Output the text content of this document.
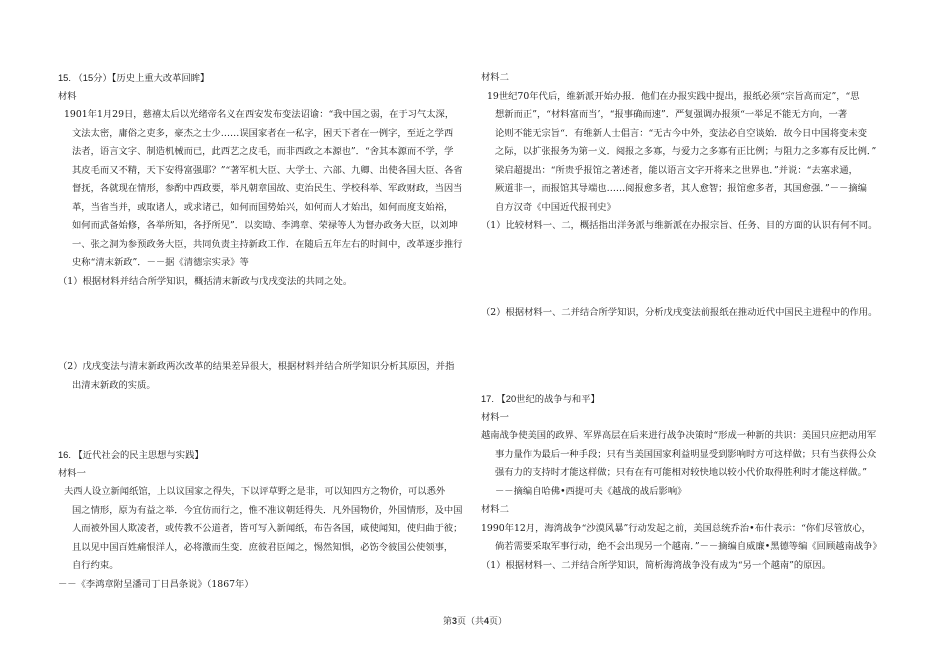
15. （15分）【历史上重大改革回眸】
材料
1901年1月29日，慈禧太后以光绪帝名义在西安发布变法诏谕：“我中国之弱，在于习气太深，
文法太密，庸俗之吏多，豪杰之士少……误国家者在一私字，困天下者在一例字，至近之学西
法者，语言文字、制造机械而已，此西艺之皮毛，而非西政之本源也”．“舍其本源而不学，学
其皮毛而又不精，天下安得富强耶？”“著军机大臣、大学士、六部、九卿、出使各国大臣、各省
督抚，各就现在情形，参酌中西政要，举凡朝章国故、吏治民生、学校科举、军政财政，当因当
革，当省当并，或取诸人，或求诸己，如何而国势始兴，如何而人才始出，如何而度支始裕，
如何而武备始修，各举所知，各抒所见”．以奕劻、李鸿章、荣禄等人为督办政务大臣，以刘坤
一、张之洞为参预政务大臣，共同负责主持新政工作．在随后五年左右的时间中，改革逐步推行
史称“清末新政”．－－据《清德宗实录》等
（1）根据材料并结合所学知识，概括清末新政与戊戌变法的共同之处。
（2）戊戌变法与清末新政两次改革的结果差异很大，根据材料并结合所学知识分析其原因，并指
出清末新政的实质。
16. 【近代社会的民主思想与实践】
材料一
夫西人设立新闻纸馆，上以议国家之得失，下以评草野之是非，可以知四方之物价，可以悉外
国之情形，原为有益之举．今宜仿而行之，惟不准议朝廷得失．凡外国物价，外国情形，及中国
人而被外国人欺凌者，或传教不公道者，皆可写入新闻纸，布告各国，咸使闻知，使归曲于彼；
且以见中国百姓痛恨洋人，必将激而生变．庶彼君臣闻之，惕然知惧，必饬令彼国公使领事，
自行约束。
－－《李鸿章附呈潘司丁日昌条说》（1867年）
材料二
19世纪70年代后，维新派开始办报．他们在办报实践中提出，报纸必须“宗旨高而定”，“思
想新而正”，“材料富而当’，“报事确而速”．严复强调办报须“一举足不能无方向，一著
论则不能无宗旨“．有维新人士倡言：“无古今中外，变法必自空谈始．故今日中国将变未变
之际，以扩张报务为第一义．阅报之多寡，与爱力之多寡有正比例；与阻力之多寡有反比例．”
梁启超提出：“所贵乎报馆之著述者，能以语言文字开将来之世界也．”并说：“去塞求通，
厥道非一，而报馆其导端也……阅报愈多者，其人愈智；报馆愈多者，其国愈强．”－－摘编
自方汉奇《中国近代报刊史》
（1）比较材料一、二，概括指出洋务派与维新派在办报宗旨、任务、目的方面的认识有何不同。
（2）根据材料一、二并结合所学知识，分析戊戌变法前报纸在推动近代中国民主进程中的作用。
17. 【20世纪的战争与和平】
材料一
越南战争使美国的政界、军界高层在后来进行战争决策时“形成一种新的共识：美国只应把动用军
事力量作为最后一种手段；只有当美国国家利益明显受到影响时方可这样做；只有当获得公众
强有力的支持时才能这样做；只有在有可能相对较快地以较小代价取得胜利时才能这样做。”
－－摘编自哈佛•西提可夫《越战的战后影响》
材料二
1990年12月，海湾战争“沙漠风暴”行动发起之前，美国总统乔治•布什表示：“你们尽管放心，
倘若需要采取军事行动，绝不会出现另一个越南．”－－摘编自威廉•黑德等编《回顾越南战争》
（1）根据材料一、二并结合所学知识，简析海湾战争没有成为“另一个越南”的原因。
第3页（共4页）
